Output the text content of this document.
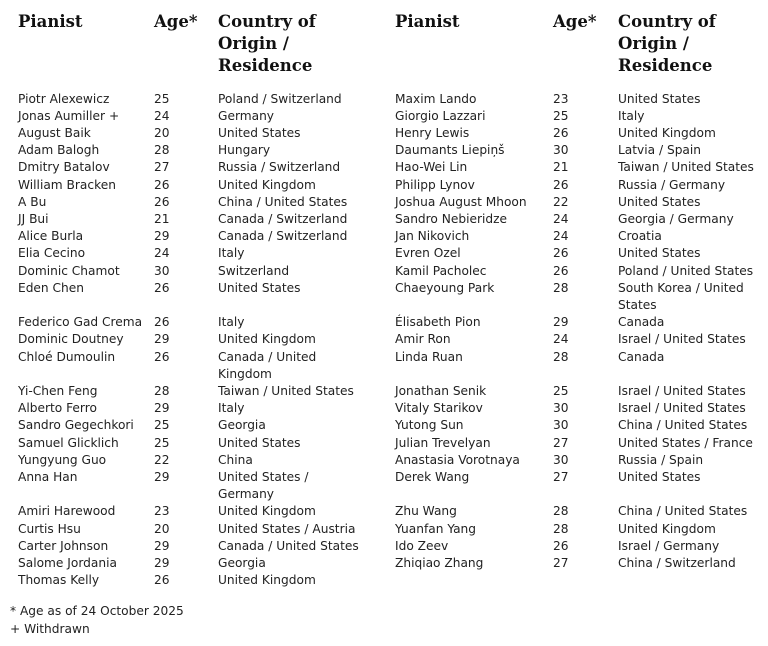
Pianist	Age* Country of
Origin /
Residence
Pianist	Age* Country of
Origin /
Residence
Piotr Alexewicz	25	Poland / Switzerland
Jonas Aumiller +	24	Germany
August Baik	20	United States
Adam Balogh	28	Hungary
Dmitry Batalov	27	Russia / Switzerland
William Bracken	26	United Kingdom
A Bu	26	China / United States
JJ Bui	21	Canada / Switzerland
Alice Burla	29	Canada / Switzerland
Elia Cecino	24	Italy
Dominic Chamot	30	Switzerland
Eden Chen	26	United States
Federico Gad Crema 26	Italy
Dominic Doutney 29	United Kingdom
Chloé Dumoulin	26	Canada / United
Kingdom
Yi-Chen Feng	28	Taiwan / United States
Alberto Ferro	29	Italy
Sandro Gegechkori 25	Georgia
Samuel Glicklich	25	United States
Yungyung Guo	22	China
Anna Han	29	United States /
Germany
Amiri Harewood	23	United Kingdom
Curtis Hsu	20	United States / Austria
Carter Johnson	29	Canada / United States
Salome Jordania	29	Georgia
Thomas Kelly	26	United Kingdom
Maxim Lando	23	United States
Giorgio Lazzari	25	Italy
Henry Lewis	26	United Kingdom
Daumants Liepiņš	30	Latvia / Spain
Hao-Wei Lin	21	Taiwan / United States
Philipp Lynov	26	Russia / Germany
Joshua August Mhoon 22	United States
Sandro Nebieridze	24	Georgia / Germany
Jan Nikovich	24	Croatia
Evren Ozel	26	United States
Kamil Pacholec	26	Poland / United States
Chaeyoung Park	28	South Korea / United
States
Élisabeth Pion	29	Canada
Amir Ron	24	Israel / United States
Linda Ruan	28	Canada
Jonathan Senik	25	Israel / United States
Vitaly Starikov	30	Israel / United States
Yutong Sun	30	China / United States
Julian Trevelyan	27	United States / France
Anastasia Vorotnaya	30	Russia / Spain
Derek Wang	27	United States
Zhu Wang	28	China / United States
Yuanfan Yang	28	United Kingdom
Ido Zeev	26	Israel / Germany
Zhiqiao Zhang	27	China / Switzerland
* Age as of 24 October 2025
+ Withdrawn
